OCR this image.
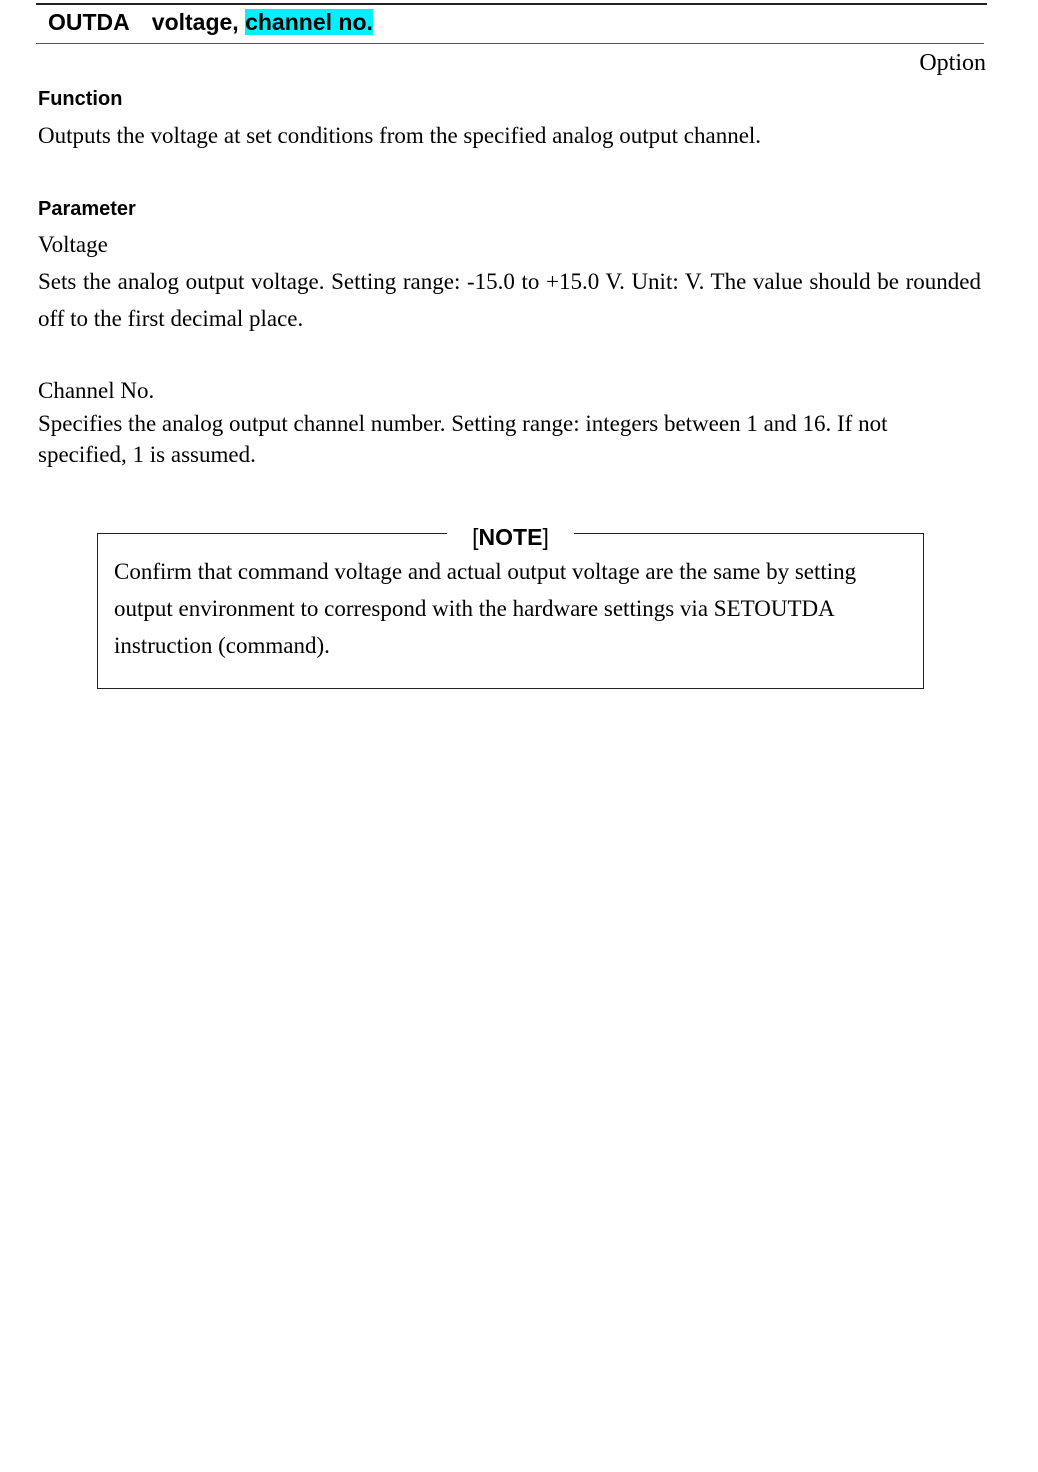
OUTDA voltage, channel no.
Option
Function
Outputs the voltage at set conditions from the specified analog output channel.
Parameter
Voltage
Sets the analog output voltage. Setting range: -15.0 to +15.0 V. Unit: V. The value should be rounded off to the first decimal place.
Channel No.
Specifies the analog output channel number. Setting range: integers between 1 and 16. If not
specified, 1 is assumed.
[NOTE]
Confirm that command voltage and actual output voltage are the same by setting output environment to correspond with the hardware settings via SETOUTDA instruction (command).
